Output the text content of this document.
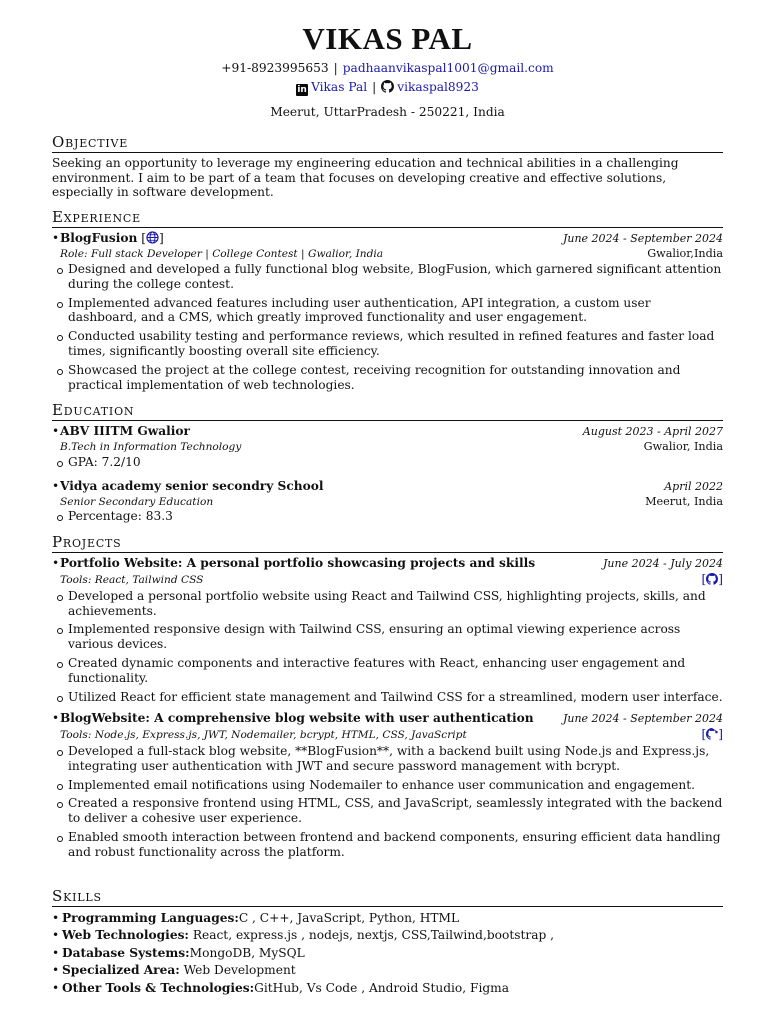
VIKAS PAL
+91-8923995653 | padhaanvikaspal1001@gmail.com
in Vikas Pal | vikaspal8923
Meerut, UttarPradesh - 250221, India
Objective
Seeking an opportunity to leverage my engineering education and technical abilities in a challenging environment. I aim to be part of a team that focuses on developing creative and effective solutions, especially in software development.
Experience
•BlogFusion [ ]	June 2024 - September 2024
Role: Full stack Developer | College Contest | Gwalior, India	Gwalior,India
Designed and developed a fully functional blog website, BlogFusion, which garnered significant attention during the college contest.
Implemented advanced features including user authentication, API integration, a custom user dashboard, and a CMS, which greatly improved functionality and user engagement.
Conducted usability testing and performance reviews, which resulted in refined features and faster load times, significantly boosting overall site efficiency.
Showcased the project at the college contest, receiving recognition for outstanding innovation and practical implementation of web technologies.
Education
•ABV IIITM Gwalior	August 2023 - April 2027
B.Tech in Information Technology	Gwalior, India
GPA: 7.2/10
•Vidya academy senior secondry School	April 2022
Senior Secondary Education	Meerut, India
Percentage: 83.3
Projects
•Portfolio Website: A personal portfolio showcasing projects and skills	June 2024 - July 2024
Tools: React, Tailwind CSS	[ ]
Developed a personal portfolio website using React and Tailwind CSS, highlighting projects, skills, and achievements.
Implemented responsive design with Tailwind CSS, ensuring an optimal viewing experience across various devices.
Created dynamic components and interactive features with React, enhancing user engagement and functionality.
Utilized React for efficient state management and Tailwind CSS for a streamlined, modern user interface.
•BlogWebsite: A comprehensive blog website with user authentication	June 2024 - September 2024
Tools: Node.js, Express.js, JWT, Nodemailer, bcrypt, HTML, CSS, JavaScript	[ ]
Developed a full-stack blog website, **BlogFusion**, with a backend built using Node.js and Express.js, integrating user authentication with JWT and secure password management with bcrypt.
Implemented email notifications using Nodemailer to enhance user communication and engagement.
Created a responsive frontend using HTML, CSS, and JavaScript, seamlessly integrated with the backend to deliver a cohesive user experience.
Enabled smooth interaction between frontend and backend components, ensuring efficient data handling and robust functionality across the platform.
Skills
• Programming Languages:C , C++, JavaScript, Python, HTML
• Web Technologies: React, express.js , nodejs, nextjs, CSS,Tailwind,bootstrap ,
• Database Systems:MongoDB, MySQL
• Specialized Area: Web Development
• Other Tools & Technologies:GitHub, Vs Code , Android Studio, Figma
